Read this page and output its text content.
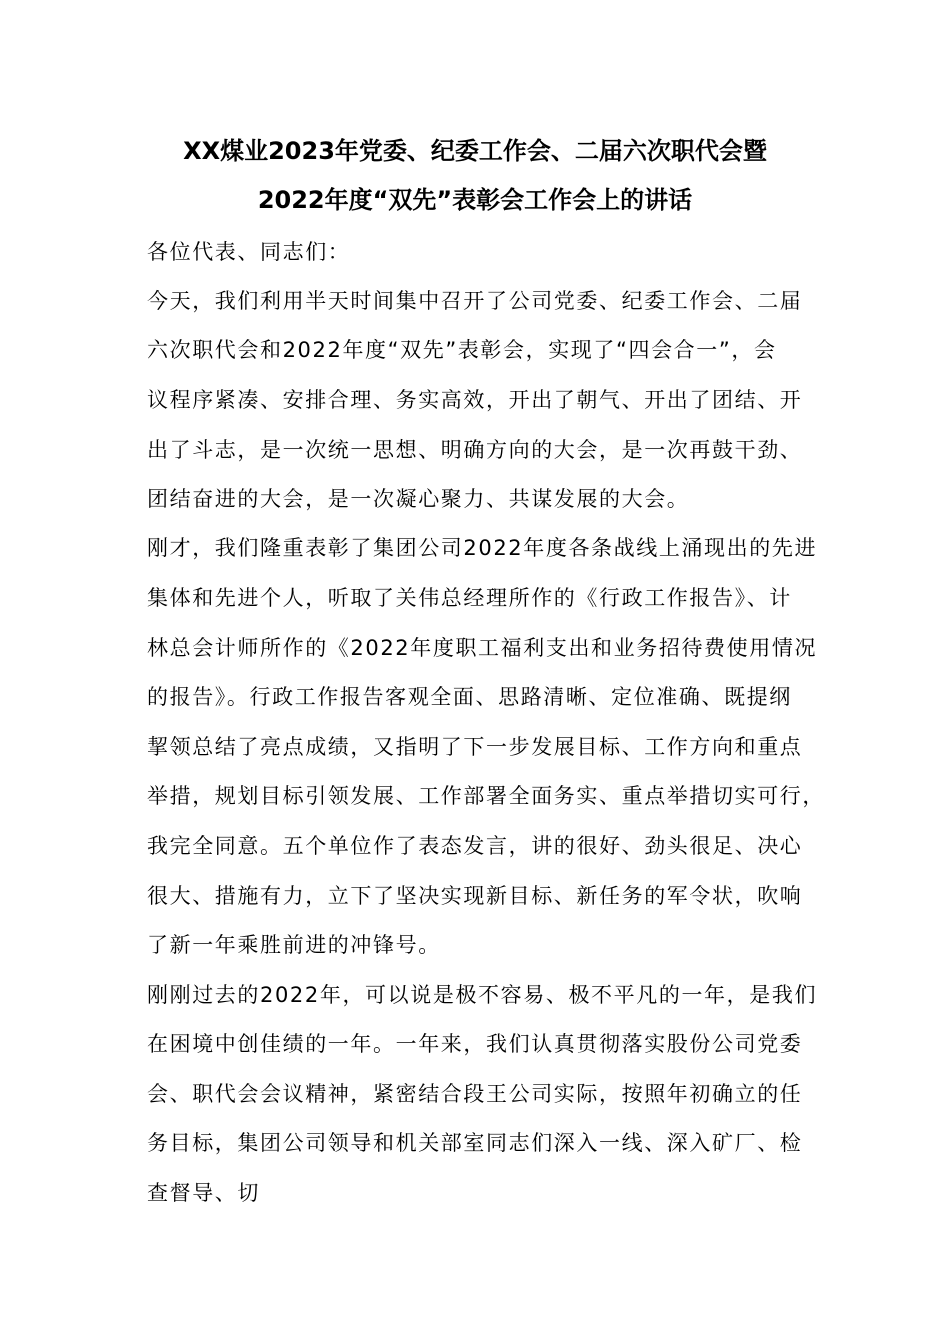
XX煤业2023年党委、纪委工作会、二届六次职代会暨
2022年度“双先”表彰会工作会上的讲话
各位代表、同志们：
今天，我们利用半天时间集中召开了公司党委、纪委工作会、二届
六次职代会和2022年度“双先”表彰会，实现了“四会合一”，会
议程序紧凑、安排合理、务实高效，开出了朝气、开出了团结、开
出了斗志，是一次统一思想、明确方向的大会，是一次再鼓干劲、
团结奋进的大会，是一次凝心聚力、共谋发展的大会。
刚才，我们隆重表彰了集团公司2022年度各条战线上涌现出的先进
集体和先进个人，听取了关伟总经理所作的《行政工作报告》、计
林总会计师所作的《2022年度职工福利支出和业务招待费使用情况
的报告》。行政工作报告客观全面、思路清晰、定位准确、既提纲
挈领总结了亮点成绩，又指明了下一步发展目标、工作方向和重点
举措，规划目标引领发展、工作部署全面务实、重点举措切实可行，
我完全同意。五个单位作了表态发言，讲的很好、劲头很足、决心
很大、措施有力，立下了坚决实现新目标、新任务的军令状，吹响
了新一年乘胜前进的冲锋号。
刚刚过去的2022年，可以说是极不容易、极不平凡的一年，是我们
在困境中创佳绩的一年。一年来，我们认真贯彻落实股份公司党委
会、职代会会议精神，紧密结合段王公司实际，按照年初确立的任
务目标，集团公司领导和机关部室同志们深入一线、深入矿厂、检
查督导、切
